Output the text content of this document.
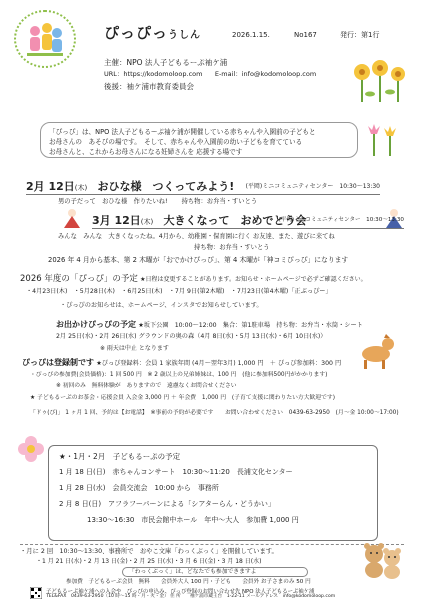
ぴっぴっうしん	2026.1.15.	No167	発行：第1行
主催：NPO 法人子どもるーぷ袖ケ浦
URL：https://kodomoloop.com E-mail：info@kodomoloop.com
後援：袖ケ浦市教育委員会
「ぴっぴ」は、NPO 法人子どもるーぷ袖ケ浦が開催している赤ちゃんや入園前の子どもと
お母さんの　あそびの場です。　そして、赤ちゃんや入園前の幼い子どもを育てている
お母さんと、これからお母さんになる妊婦さんを 応援する場です
2月 12日(木) おひな様　つくってみよう! (平岡)ミニコミュニティセンター　10:30～13:30
男の子だって　おひな様　作りたいね! 持ち物：お弁当・すいとう
3月 12日(木) 大きくなって　おめでとう会
(平岡)ミニコミュニティセンター　10:30～13:30
みんな　みんな　大きくなったね。4月から、幼稚園・保育園に行く お友達、また、遊びに来てね
持ち物：お弁当・すいとう
2026 年 4 月から基本、第 2 木曜が「おでかけぴっぴ」、第 4 木曜が「神コミぴっぴ」になります
2026 年度の「ぴっぴ」の予定 ★日程は変更することがあります。お知らせ・ホームページで必ずご確認ください。
・4月23日(木)　・5月28日(木)　・6月25日(木)　・7月 9日(第2木曜)　・7月23日(第4木曜)「正ぶっぴー」
・ぴっぴのお知らせは、ホームページ、インスタでお知らせしています。
お出かけぴっぴの予定 ★坂下公園　10:00～12:00　集合：第1駐車場　持ち物：お弁当・水筒・シート
2月 25日(水)・2月 26日(水) グラウンドの奥の森（4月 8日(水)・5月 13日(水)・6月 10日(水)）
※ 雨天は中止 となります
ぴっぴは登録制です ★ぴっぴ登録料：会員 1 家族年間 (4月～翌年3月) 1,000 円　＋ ぴっぴ参加料：300 円
・ぴっぴの参加費(会員価格)：1 回 500 円　※ 2 歳以上の兄弟姉妹は、100 円　(他に参加料500円がかかります)
※ 初回のみ　無料体験が　ありますので　遠慮なくお問合せください
★ 子どもるーぷのお茶会・応援会員 入会金 3,000 円 ＋ 年会費　1,000 円　(子育て支援に関わりたい方大歓迎です)
「ドゥ(ぴ)」 1 ヶ月 1 回、予約は【お電話】　※事前の予約が必要です　　お問い合わせください　0439-63-2950　(月～金 10:00～17:00)
★・1月・2月　子どもるーぷの予定
1 月 18 日(日)　赤ちゃんコンサート　10:30～11:20　長浦文化センター
1 月 28 日(水)　会員交流会　10:00 から　事務所
2 月 8 日(日)　アフラフーパーンによる「シアターらん・どうかい」
13:30～16:30　市民会館中ホール　年中～大人　参加費 1,000 円
・月に 2 回　10:30～13:30、事務所で　おやこ文庫「わっくぶっく」を開催しています。
・1 月 21 日(水)・2 月 13 日(金)・2 月 25 日(水)・3 月 6 日(金)・3 月 18 日(水)
「わっくぶっく」は、どなたでも参加できますよ
参加費　子どもるーぷ会員　無料　　会員外大人 100 円・子ども　　会員外 お子さまのみ 50 円
子どもるーぷ袖ケ浦への入会や　ぴっぴの申込み、ぴっぴ登録のお問い合わせ先 NPO 法人子どもるーぷ袖ケ浦
TEL&FAX　0439-63-2950（10 時～15 時・月・火・金） 住 所　　袖ケ浦市蔵王台　1-22-11 メールアドレス　info@kodomoloop.com
